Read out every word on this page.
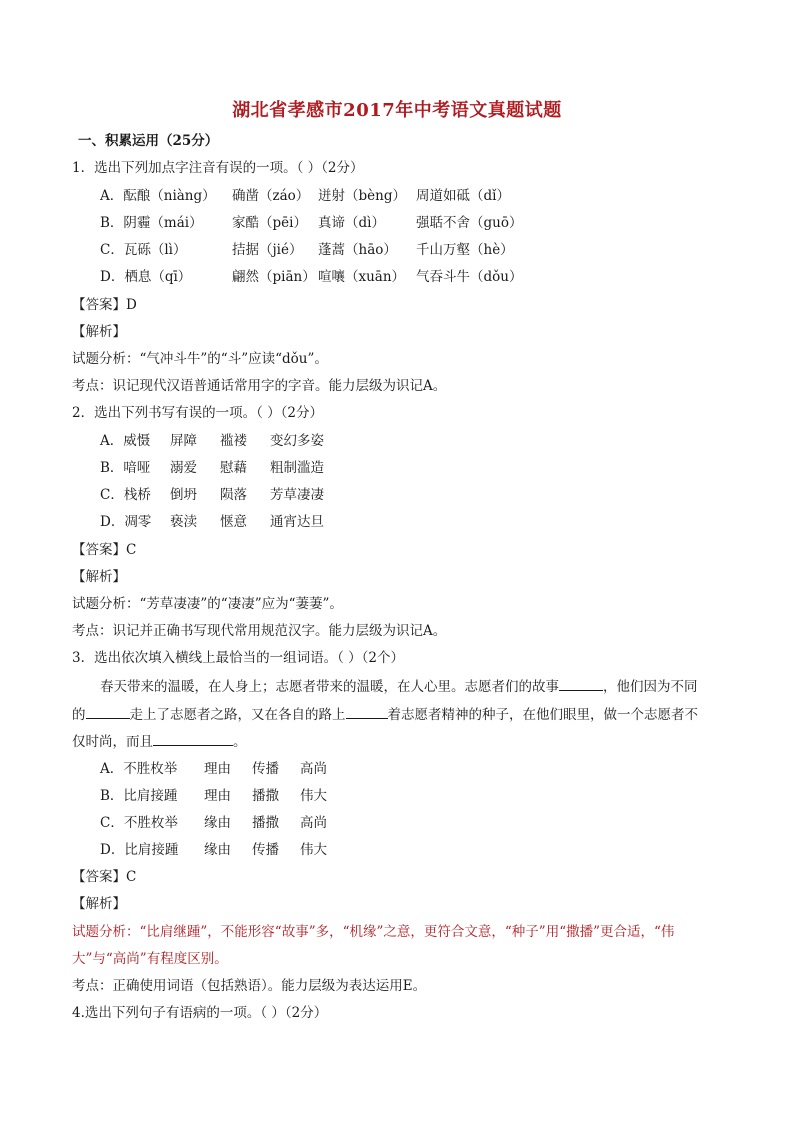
湖北省孝感市2017年中考语文真题试题
一、积累运用（25分）
1．选出下列加点字注音有误的一项。（ ）（2分）
A．酝酿（niàng） 确凿（záo） 迸射（bèng） 周道如砥（dǐ）
B．阴霾（mái） 家酷（pēi） 真谛（dì） 强聒不舍（guō）
C．瓦砾（lì）	拮据（jié） 蓬蒿（hāo） 千山万壑（hè）
D．栖息（qī）	翩然（piān） 喧嚷（xuān） 气吞斗牛（dǒu）
【答案】D
【解析】
试题分析：“气冲斗牛”的“斗”应读“dǒu”。
考点：识记现代汉语普通话常用字的字音。能力层级为识记A。
2．选出下列书写有误的一项。（ ）（2分）
A．威慑 屏障 褴褛 变幻多姿
B．喑哑 溺爱 慰藉 粗制滥造
C．栈桥 倒坍 陨落 芳草凄凄
D．凋零 亵渎 惬意 通宵达旦
【答案】C
【解析】
试题分析：“芳草凄凄”的“凄凄”应为“萋萋”。
考点：识记并正确书写现代常用规范汉字。能力层级为识记A。
3．选出依次填入横线上最恰当的一组词语。（ ）（2个）
春天带来的温暖，在人身上；志愿者带来的温暖，在人心里。志愿者们的故事	，他们因为不同
的	走上了志愿者之路，又在各自的路上	着志愿者精神的种子，在他们眼里，做一个志愿者不
仅时尚，而且	。
A．不胜枚举 理由 传播 高尚
B．比肩接踵 理由 播撒 伟大
C．不胜枚举 缘由 播撒 高尚
D．比肩接踵 缘由 传播 伟大
【答案】C
【解析】
试题分析：“比肩继踵”，不能形容“故事”多，“机缘”之意，更符合文意，“种子”用“撒播”更合适，“伟
大”与“高尚”有程度区别。
考点：正确使用词语（包括熟语）。能力层级为表达运用E。
4.选出下列句子有语病的一项。（ ）（2分）
